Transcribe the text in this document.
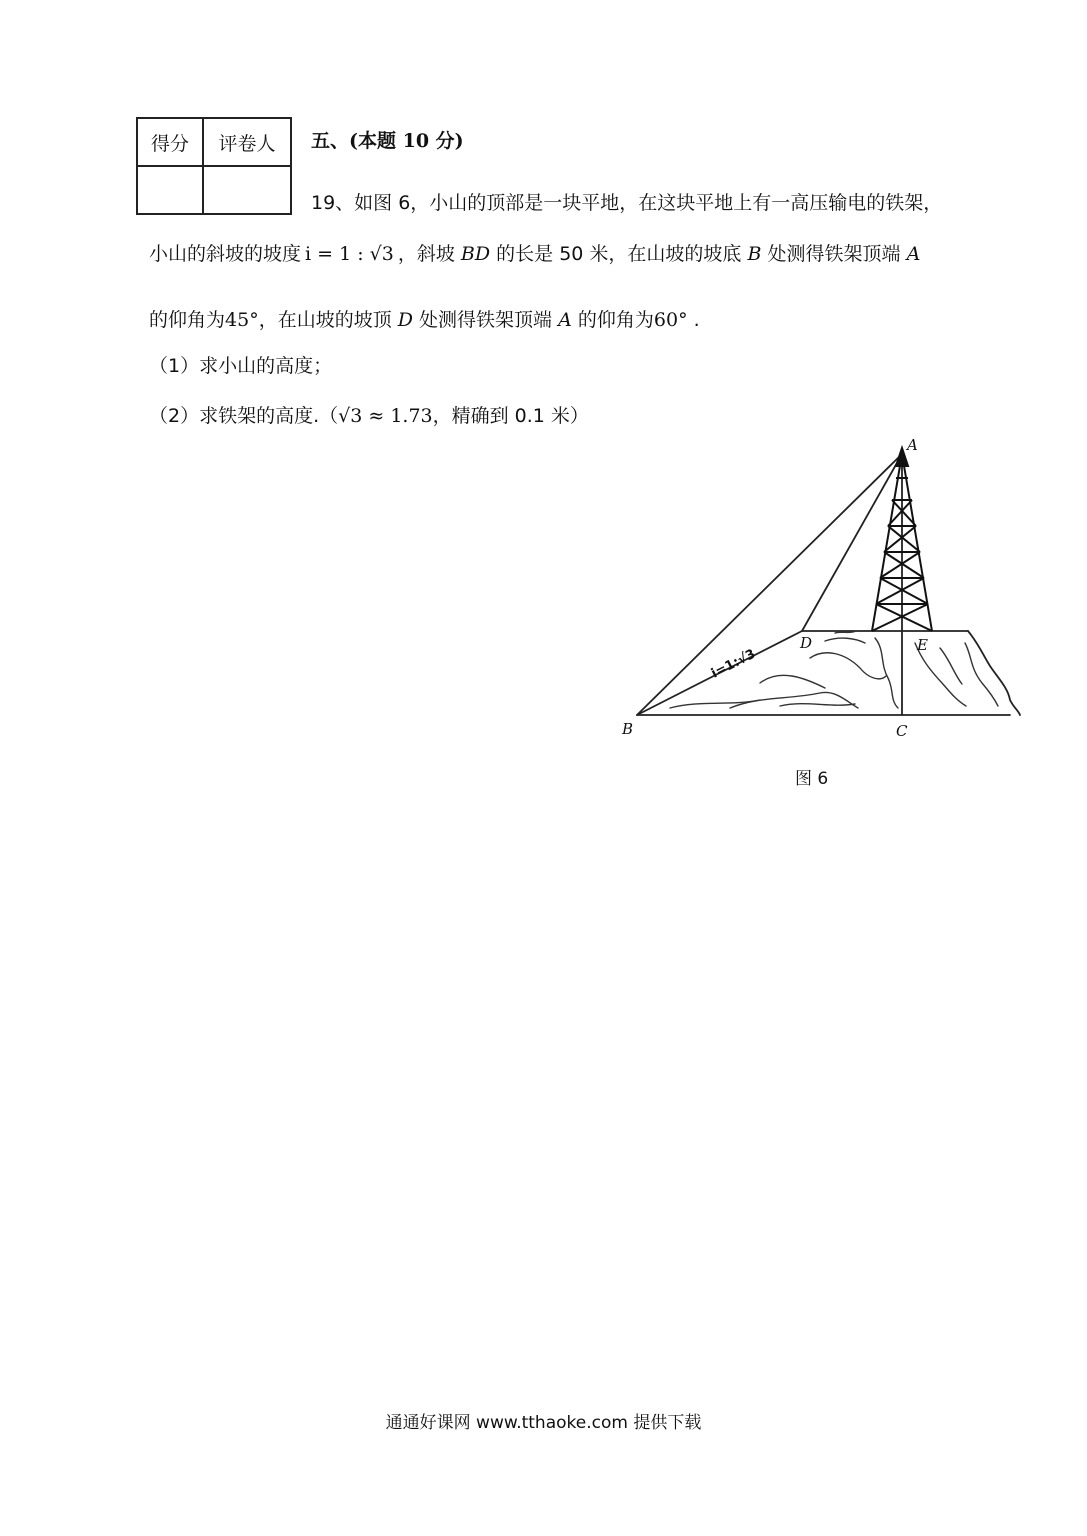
得分	评卷人
	五、(本题 10 分)
19、如图 6，小山的顶部是一块平地，在这块平地上有一高压输电的铁架，
小山的斜坡的坡度 i = 1 : √3 ，斜坡 BD 的长是 50 米，在山坡的坡底 B 处测得铁架顶端 A
的仰角为45°，在山坡的坡顶 D 处测得铁架顶端 A 的仰角为60° .
（1）求小山的高度；
（2）求铁架的高度.（√3 ≈ 1.73，精确到 0.1 米）
i=1:√3
A
B	C
D	E
图 6
通通好课网 www.tthaoke.com 提供下载
